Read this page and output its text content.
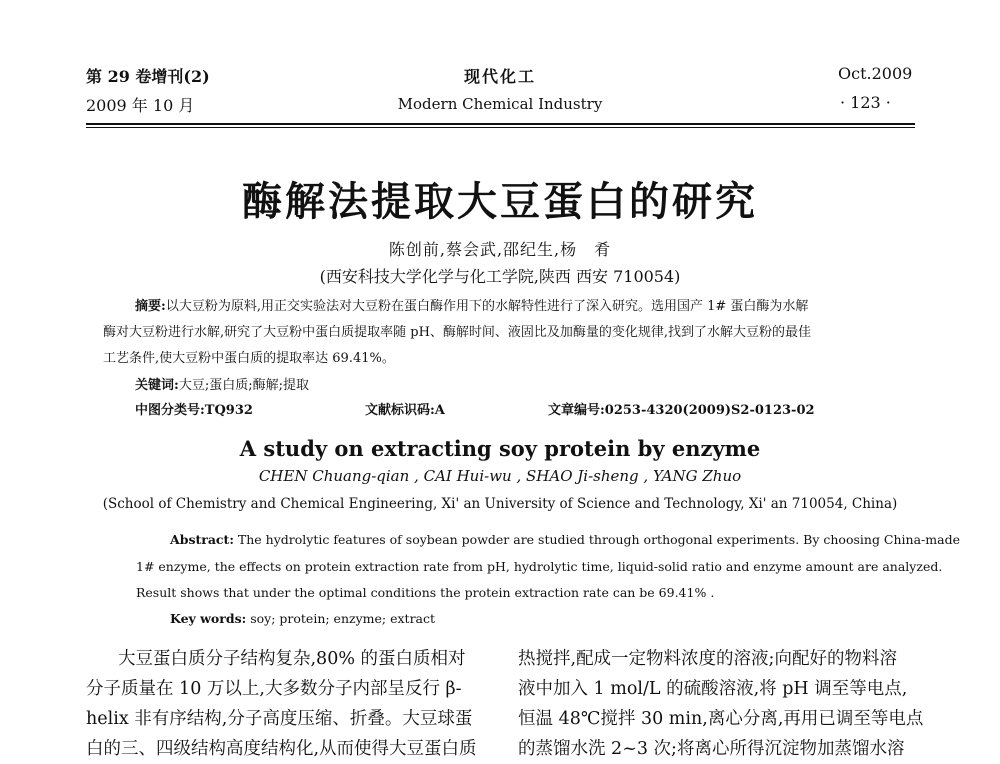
第 29 卷增刊(2)
2009 年 10 月
现代化工
Modern Chemical Industry
Oct.2009
· 123 ·
酶解法提取大豆蛋白的研究
陈创前,蔡会武,邵纪生,杨　肴
(西安科技大学化学与化工学院,陕西 西安 710054)
摘要:以大豆粉为原料,用正交实验法对大豆粉在蛋白酶作用下的水解特性进行了深入研究。选用国产 1# 蛋白酶为水解
酶对大豆粉进行水解,研究了大豆粉中蛋白质提取率随 pH、酶解时间、液固比及加酶量的变化规律,找到了水解大豆粉的最佳
工艺条件,使大豆粉中蛋白质的提取率达 69.41%。
关键词:大豆;蛋白质;酶解;提取
中图分类号:TQ932	文献标识码:A	文章编号:0253-4320(2009)S2-0123-02
A study on extracting soy protein by enzyme
CHEN Chuang-qian , CAI Hui-wu , SHAO Ji-sheng , YANG Zhuo
(School of Chemistry and Chemical Engineering, Xi' an University of Science and Technology, Xi' an 710054, China)
Abstract: The hydrolytic features of soybean powder are studied through orthogonal experiments. By choosing China-made
1# enzyme, the effects on protein extraction rate from pH, hydrolytic time, liquid-solid ratio and enzyme amount are analyzed.
Result shows that under the optimal conditions the protein extraction rate can be 69.41% .
Key words: soy; protein; enzyme; extract
大豆蛋白质分子结构复杂,80% 的蛋白质相对
分子质量在 10 万以上,大多数分子内部呈反行 β-
helix 非有序结构,分子高度压缩、折叠。大豆球蛋
白的三、四级结构高度结构化,从而使得大豆蛋白质
热搅拌,配成一定物料浓度的溶液;向配好的物料溶
液中加入 1 mol/L 的硫酸溶液,将 pH 调至等电点,
恒温 48℃搅拌 30 min,离心分离,再用已调至等电点
的蒸馏水洗 2~3 次;将离心所得沉淀物加蒸馏水溶
